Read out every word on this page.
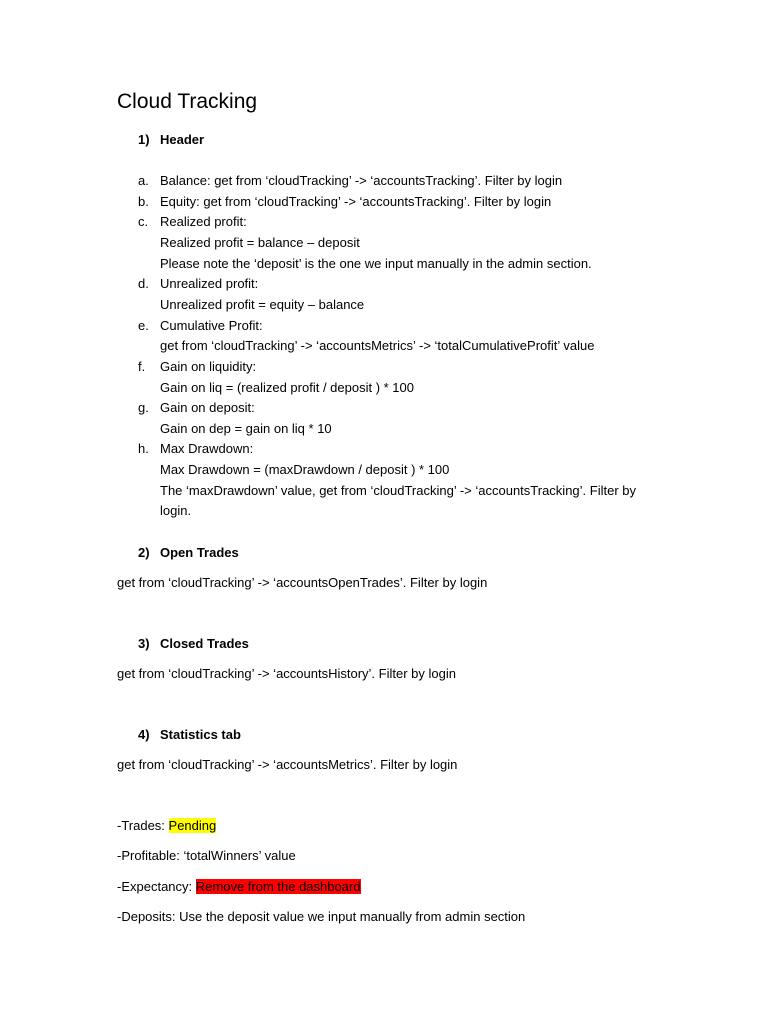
Cloud Tracking
1) Header
a. Balance: get from ‘cloudTracking’ -> ‘accountsTracking’. Filter by login
b. Equity: get from ‘cloudTracking’ -> ‘accountsTracking’. Filter by login
c. Realized profit:
Realized profit = balance – deposit
Please note the ‘deposit’ is the one we input manually in the admin section.
d. Unrealized profit:
Unrealized profit = equity – balance
e. Cumulative Profit:
get from ‘cloudTracking’ -> ‘accountsMetrics’ -> ‘totalCumulativeProfit’ value
f. Gain on liquidity:
Gain on liq = (realized profit / deposit ) * 100
g. Gain on deposit:
Gain on dep = gain on liq * 10
h. Max Drawdown:
Max Drawdown = (maxDrawdown / deposit ) * 100
The ‘maxDrawdown’ value, get from ‘cloudTracking’ -> ‘accountsTracking’. Filter by
login.
2) Open Trades
get from ‘cloudTracking’ -> ‘accountsOpenTrades’. Filter by login
3) Closed Trades
get from ‘cloudTracking’ -> ‘accountsHistory’. Filter by login
4) Statistics tab
get from ‘cloudTracking’ -> ‘accountsMetrics’. Filter by login
-Trades: Pending
-Profitable: ‘totalWinners’ value
-Expectancy: Remove from the dashboard
-Deposits: Use the deposit value we input manually from admin section
